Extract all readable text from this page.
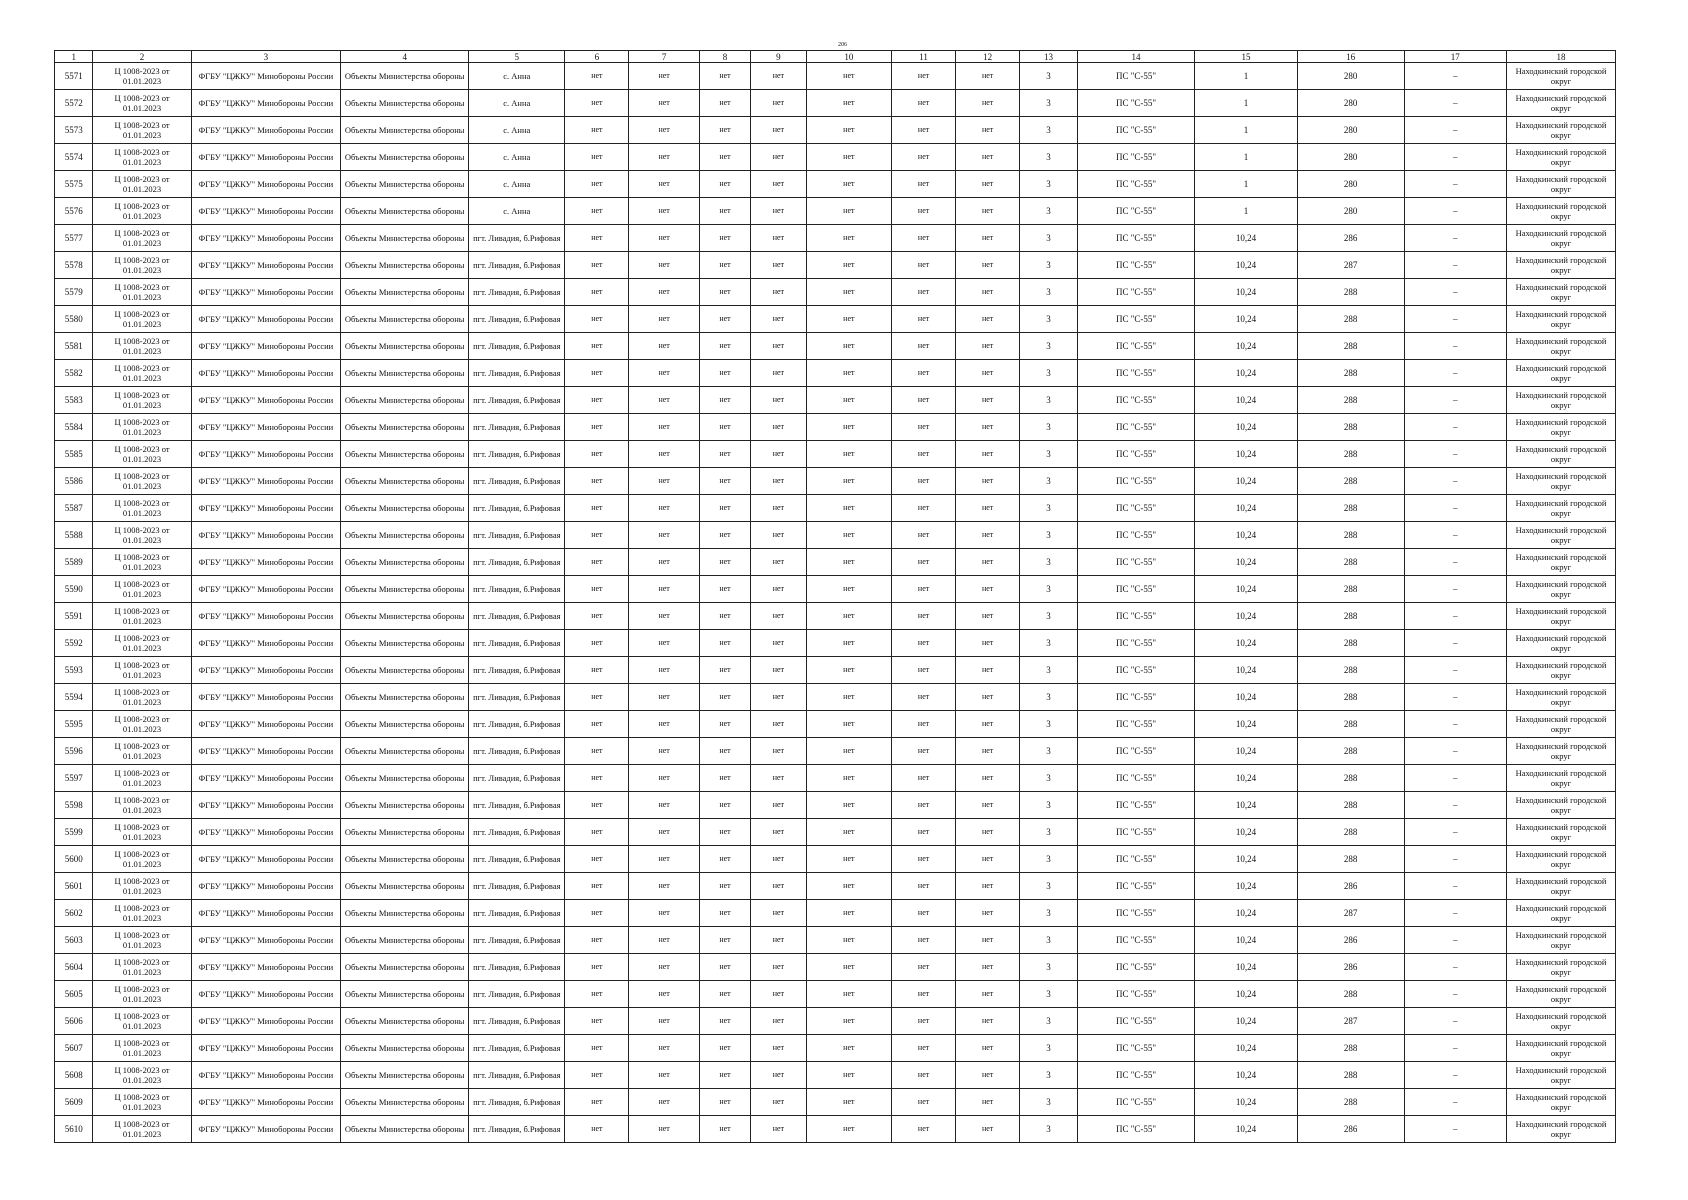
206
1	2	3	4	5	6	7	8	9	10	11	12	13	14	15	16	17	18
5571	Ц 1008-2023 от 01.01.2023	ФГБУ "ЦЖКУ" Минобороны России	Объекты Министерства обороны	с. Анна	нет	нет	нет	нет	нет	нет	нет	3	ПС "С-55"	1	280	–	Находкинский городской округ
5572	Ц 1008-2023 от 01.01.2023	ФГБУ "ЦЖКУ" Минобороны России	Объекты Министерства обороны	с. Анна	нет	нет	нет	нет	нет	нет	нет	3	ПС "С-55"	1	280	–	Находкинский городской округ
5573	Ц 1008-2023 от 01.01.2023	ФГБУ "ЦЖКУ" Минобороны России	Объекты Министерства обороны	с. Анна	нет	нет	нет	нет	нет	нет	нет	3	ПС "С-55"	1	280	–	Находкинский городской округ
5574	Ц 1008-2023 от 01.01.2023	ФГБУ "ЦЖКУ" Минобороны России	Объекты Министерства обороны	с. Анна	нет	нет	нет	нет	нет	нет	нет	3	ПС "С-55"	1	280	–	Находкинский городской округ
5575	Ц 1008-2023 от 01.01.2023	ФГБУ "ЦЖКУ" Минобороны России	Объекты Министерства обороны	с. Анна	нет	нет	нет	нет	нет	нет	нет	3	ПС "С-55"	1	280	–	Находкинский городской округ
5576	Ц 1008-2023 от 01.01.2023	ФГБУ "ЦЖКУ" Минобороны России	Объекты Министерства обороны	с. Анна	нет	нет	нет	нет	нет	нет	нет	3	ПС "С-55"	1	280	–	Находкинский городской округ
5577	Ц 1008-2023 от 01.01.2023	ФГБУ "ЦЖКУ" Минобороны России	Объекты Министерства обороны	пгт. Ливадия, б.Рифовая	нет	нет	нет	нет	нет	нет	нет	3	ПС "С-55"	10,24	286	–	Находкинский городской округ
5578	Ц 1008-2023 от 01.01.2023	ФГБУ "ЦЖКУ" Минобороны России	Объекты Министерства обороны	пгт. Ливадия, б.Рифовая	нет	нет	нет	нет	нет	нет	нет	3	ПС "С-55"	10,24	287	–	Находкинский городской округ
5579	Ц 1008-2023 от 01.01.2023	ФГБУ "ЦЖКУ" Минобороны России	Объекты Министерства обороны	пгт. Ливадия, б.Рифовая	нет	нет	нет	нет	нет	нет	нет	3	ПС "С-55"	10,24	288	–	Находкинский городской округ
5580	Ц 1008-2023 от 01.01.2023	ФГБУ "ЦЖКУ" Минобороны России	Объекты Министерства обороны	пгт. Ливадия, б.Рифовая	нет	нет	нет	нет	нет	нет	нет	3	ПС "С-55"	10,24	288	–	Находкинский городской округ
5581	Ц 1008-2023 от 01.01.2023	ФГБУ "ЦЖКУ" Минобороны России	Объекты Министерства обороны	пгт. Ливадия, б.Рифовая	нет	нет	нет	нет	нет	нет	нет	3	ПС "С-55"	10,24	288	–	Находкинский городской округ
5582	Ц 1008-2023 от 01.01.2023	ФГБУ "ЦЖКУ" Минобороны России	Объекты Министерства обороны	пгт. Ливадия, б.Рифовая	нет	нет	нет	нет	нет	нет	нет	3	ПС "С-55"	10,24	288	–	Находкинский городской округ
5583	Ц 1008-2023 от 01.01.2023	ФГБУ "ЦЖКУ" Минобороны России	Объекты Министерства обороны	пгт. Ливадия, б.Рифовая	нет	нет	нет	нет	нет	нет	нет	3	ПС "С-55"	10,24	288	–	Находкинский городской округ
5584	Ц 1008-2023 от 01.01.2023	ФГБУ "ЦЖКУ" Минобороны России	Объекты Министерства обороны	пгт. Ливадия, б.Рифовая	нет	нет	нет	нет	нет	нет	нет	3	ПС "С-55"	10,24	288	–	Находкинский городской округ
5585	Ц 1008-2023 от 01.01.2023	ФГБУ "ЦЖКУ" Минобороны России	Объекты Министерства обороны	пгт. Ливадия, б.Рифовая	нет	нет	нет	нет	нет	нет	нет	3	ПС "С-55"	10,24	288	–	Находкинский городской округ
5586	Ц 1008-2023 от 01.01.2023	ФГБУ "ЦЖКУ" Минобороны России	Объекты Министерства обороны	пгт. Ливадия, б.Рифовая	нет	нет	нет	нет	нет	нет	нет	3	ПС "С-55"	10,24	288	–	Находкинский городской округ
5587	Ц 1008-2023 от 01.01.2023	ФГБУ "ЦЖКУ" Минобороны России	Объекты Министерства обороны	пгт. Ливадия, б.Рифовая	нет	нет	нет	нет	нет	нет	нет	3	ПС "С-55"	10,24	288	–	Находкинский городской округ
5588	Ц 1008-2023 от 01.01.2023	ФГБУ "ЦЖКУ" Минобороны России	Объекты Министерства обороны	пгт. Ливадия, б.Рифовая	нет	нет	нет	нет	нет	нет	нет	3	ПС "С-55"	10,24	288	–	Находкинский городской округ
5589	Ц 1008-2023 от 01.01.2023	ФГБУ "ЦЖКУ" Минобороны России	Объекты Министерства обороны	пгт. Ливадия, б.Рифовая	нет	нет	нет	нет	нет	нет	нет	3	ПС "С-55"	10,24	288	–	Находкинский городской округ
5590	Ц 1008-2023 от 01.01.2023	ФГБУ "ЦЖКУ" Минобороны России	Объекты Министерства обороны	пгт. Ливадия, б.Рифовая	нет	нет	нет	нет	нет	нет	нет	3	ПС "С-55"	10,24	288	–	Находкинский городской округ
5591	Ц 1008-2023 от 01.01.2023	ФГБУ "ЦЖКУ" Минобороны России	Объекты Министерства обороны	пгт. Ливадия, б.Рифовая	нет	нет	нет	нет	нет	нет	нет	3	ПС "С-55"	10,24	288	–	Находкинский городской округ
5592	Ц 1008-2023 от 01.01.2023	ФГБУ "ЦЖКУ" Минобороны России	Объекты Министерства обороны	пгт. Ливадия, б.Рифовая	нет	нет	нет	нет	нет	нет	нет	3	ПС "С-55"	10,24	288	–	Находкинский городской округ
5593	Ц 1008-2023 от 01.01.2023	ФГБУ "ЦЖКУ" Минобороны России	Объекты Министерства обороны	пгт. Ливадия, б.Рифовая	нет	нет	нет	нет	нет	нет	нет	3	ПС "С-55"	10,24	288	–	Находкинский городской округ
5594	Ц 1008-2023 от 01.01.2023	ФГБУ "ЦЖКУ" Минобороны России	Объекты Министерства обороны	пгт. Ливадия, б.Рифовая	нет	нет	нет	нет	нет	нет	нет	3	ПС "С-55"	10,24	288	–	Находкинский городской округ
5595	Ц 1008-2023 от 01.01.2023	ФГБУ "ЦЖКУ" Минобороны России	Объекты Министерства обороны	пгт. Ливадия, б.Рифовая	нет	нет	нет	нет	нет	нет	нет	3	ПС "С-55"	10,24	288	–	Находкинский городской округ
5596	Ц 1008-2023 от 01.01.2023	ФГБУ "ЦЖКУ" Минобороны России	Объекты Министерства обороны	пгт. Ливадия, б.Рифовая	нет	нет	нет	нет	нет	нет	нет	3	ПС "С-55"	10,24	288	–	Находкинский городской округ
5597	Ц 1008-2023 от 01.01.2023	ФГБУ "ЦЖКУ" Минобороны России	Объекты Министерства обороны	пгт. Ливадия, б.Рифовая	нет	нет	нет	нет	нет	нет	нет	3	ПС "С-55"	10,24	288	–	Находкинский городской округ
5598	Ц 1008-2023 от 01.01.2023	ФГБУ "ЦЖКУ" Минобороны России	Объекты Министерства обороны	пгт. Ливадия, б.Рифовая	нет	нет	нет	нет	нет	нет	нет	3	ПС "С-55"	10,24	288	–	Находкинский городской округ
5599	Ц 1008-2023 от 01.01.2023	ФГБУ "ЦЖКУ" Минобороны России	Объекты Министерства обороны	пгт. Ливадия, б.Рифовая	нет	нет	нет	нет	нет	нет	нет	3	ПС "С-55"	10,24	288	–	Находкинский городской округ
5600	Ц 1008-2023 от 01.01.2023	ФГБУ "ЦЖКУ" Минобороны России	Объекты Министерства обороны	пгт. Ливадия, б.Рифовая	нет	нет	нет	нет	нет	нет	нет	3	ПС "С-55"	10,24	288	–	Находкинский городской округ
5601	Ц 1008-2023 от 01.01.2023	ФГБУ "ЦЖКУ" Минобороны России	Объекты Министерства обороны	пгт. Ливадия, б.Рифовая	нет	нет	нет	нет	нет	нет	нет	3	ПС "С-55"	10,24	286	–	Находкинский городской округ
5602	Ц 1008-2023 от 01.01.2023	ФГБУ "ЦЖКУ" Минобороны России	Объекты Министерства обороны	пгт. Ливадия, б.Рифовая	нет	нет	нет	нет	нет	нет	нет	3	ПС "С-55"	10,24	287	–	Находкинский городской округ
5603	Ц 1008-2023 от 01.01.2023	ФГБУ "ЦЖКУ" Минобороны России	Объекты Министерства обороны	пгт. Ливадия, б.Рифовая	нет	нет	нет	нет	нет	нет	нет	3	ПС "С-55"	10,24	286	–	Находкинский городской округ
5604	Ц 1008-2023 от 01.01.2023	ФГБУ "ЦЖКУ" Минобороны России	Объекты Министерства обороны	пгт. Ливадия, б.Рифовая	нет	нет	нет	нет	нет	нет	нет	3	ПС "С-55"	10,24	286	–	Находкинский городской округ
5605	Ц 1008-2023 от 01.01.2023	ФГБУ "ЦЖКУ" Минобороны России	Объекты Министерства обороны	пгт. Ливадия, б.Рифовая	нет	нет	нет	нет	нет	нет	нет	3	ПС "С-55"	10,24	288	–	Находкинский городской округ
5606	Ц 1008-2023 от 01.01.2023	ФГБУ "ЦЖКУ" Минобороны России	Объекты Министерства обороны	пгт. Ливадия, б.Рифовая	нет	нет	нет	нет	нет	нет	нет	3	ПС "С-55"	10,24	287	–	Находкинский городской округ
5607	Ц 1008-2023 от 01.01.2023	ФГБУ "ЦЖКУ" Минобороны России	Объекты Министерства обороны	пгт. Ливадия, б.Рифовая	нет	нет	нет	нет	нет	нет	нет	3	ПС "С-55"	10,24	288	–	Находкинский городской округ
5608	Ц 1008-2023 от 01.01.2023	ФГБУ "ЦЖКУ" Минобороны России	Объекты Министерства обороны	пгт. Ливадия, б.Рифовая	нет	нет	нет	нет	нет	нет	нет	3	ПС "С-55"	10,24	288	–	Находкинский городской округ
5609	Ц 1008-2023 от 01.01.2023	ФГБУ "ЦЖКУ" Минобороны России	Объекты Министерства обороны	пгт. Ливадия, б.Рифовая	нет	нет	нет	нет	нет	нет	нет	3	ПС "С-55"	10,24	288	–	Находкинский городской округ
5610	Ц 1008-2023 от 01.01.2023	ФГБУ "ЦЖКУ" Минобороны России	Объекты Министерства обороны	пгт. Ливадия, б.Рифовая	нет	нет	нет	нет	нет	нет	нет	3	ПС "С-55"	10,24	286	–	Находкинский городской округ
